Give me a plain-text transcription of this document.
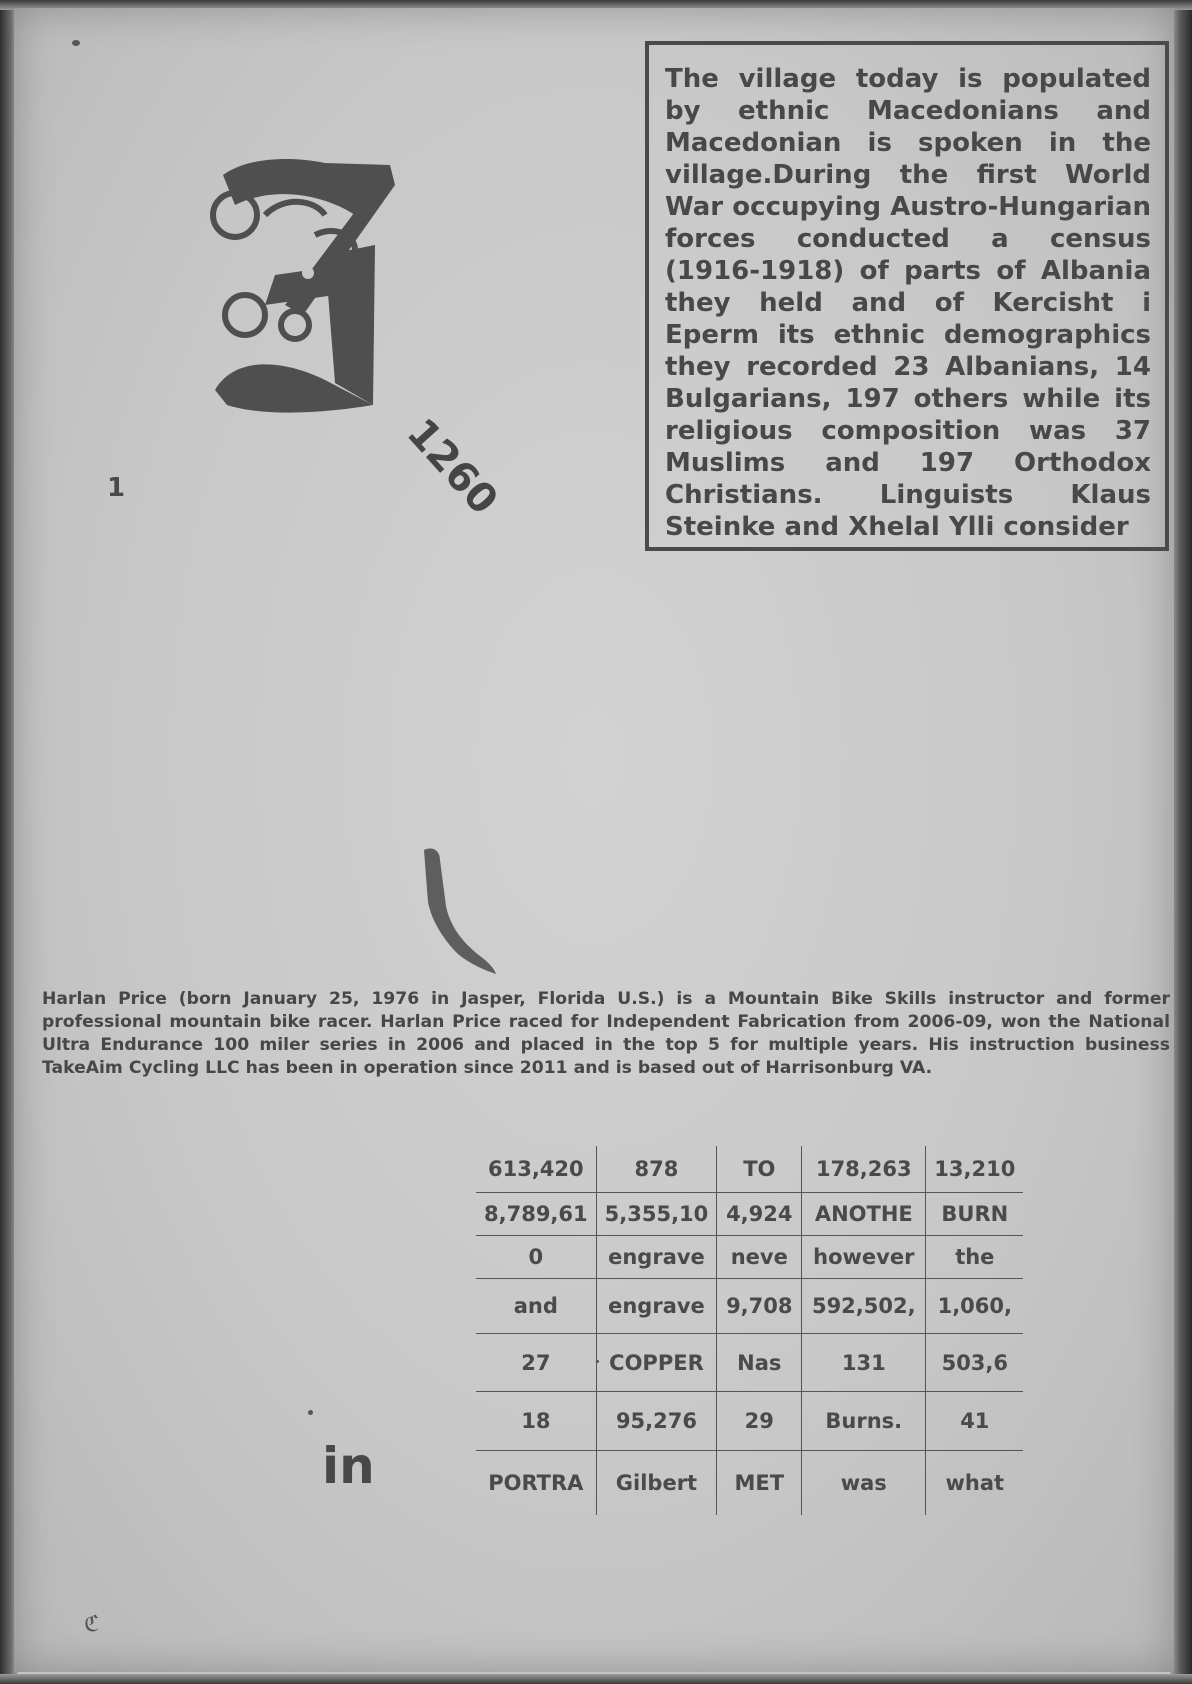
The village today is populated by ethnic Macedonians and Macedonian is spoken in the village.During the first World War occupying Austro-Hungarian forces conducted a census (1916-1918) of parts of Albania they held and of Kercisht i Eperm its ethnic demographics they recorded 23 Albanians, 14 Bulgarians, 197 others while its religious composition was 37 Muslims and 197 Orthodox Christians. Linguists Klaus Steinke and Xhelal Ylli consider
1260
1
Harlan Price (born January 25, 1976 in Jasper, Florida U.S.) is a Mountain Bike Skills instructor and former professional mountain bike racer. Harlan Price raced for Independent Fabrication from 2006-09, won the National Ultra Endurance 100 miler series in 2006 and placed in the top 5 for multiple years. His instruction business TakeAim Cycling LLC has been in operation since 2011 and is based out of Harrisonburg VA.
in
613,420	878	TO	178,263	13,210
8,789,61	5,355,10	4,924	ANOTHE	BURN
0	engrave	neve	however	the
and	engrave	9,708	592,502,	1,060,
27	COPPER	Nas	131	503,6
18	95,276	29	Burns.	41
PORTRA	Gilbert	MET	was	what
ℭ
